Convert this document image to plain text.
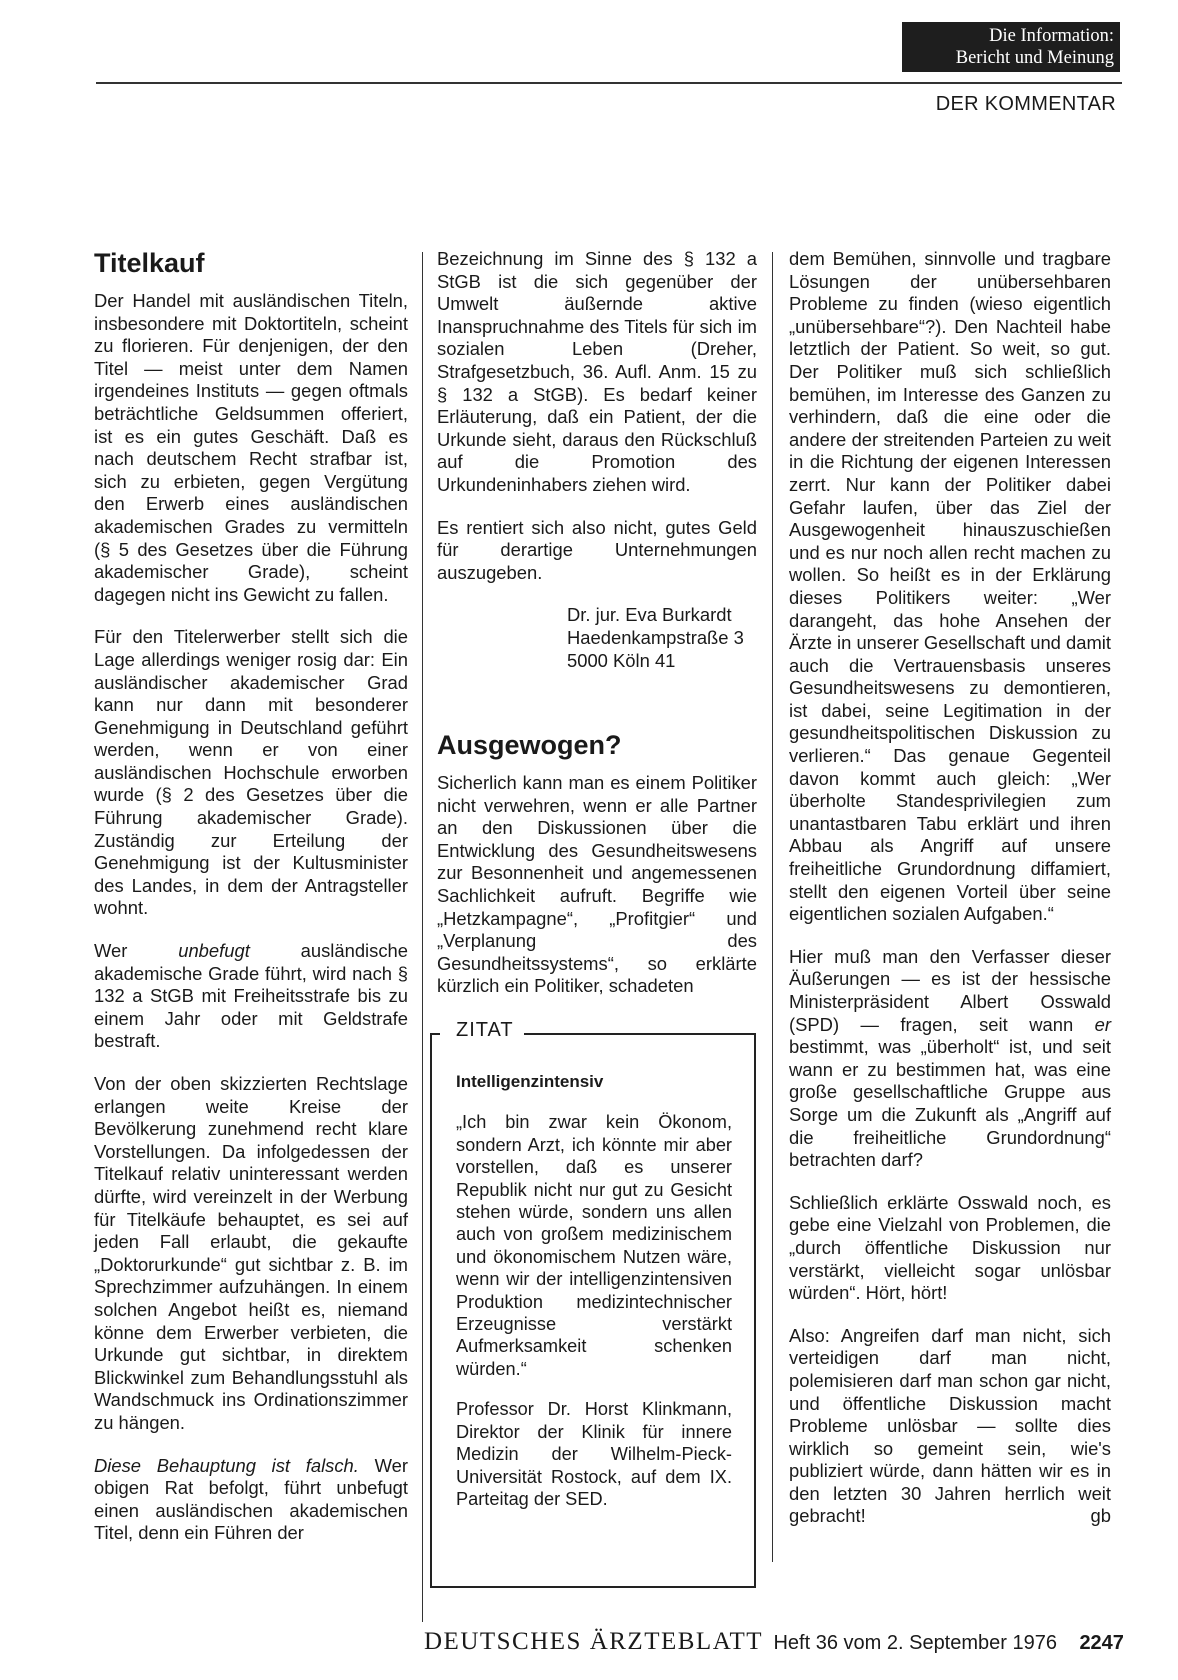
Die Information:
Bericht und Meinung
DER KOMMENTAR
Titelkauf

Der Handel mit ausländischen Titeln, insbesondere mit Doktortiteln, scheint zu florieren. Für denjenigen, der den Titel — meist unter dem Namen irgendeines Instituts — gegen oftmals beträchtliche Geldsummen offeriert, ist es ein gutes Geschäft. Daß es nach deutschem Recht strafbar ist, sich zu erbieten, gegen Vergütung den Erwerb eines ausländischen akademischen Grades zu vermitteln (§ 5 des Gesetzes über die Führung akademischer Grade), scheint dagegen nicht ins Gewicht zu fallen.

Für den Titelerwerber stellt sich die Lage allerdings weniger rosig dar: Ein ausländischer akademischer Grad kann nur dann mit besonderer Genehmigung in Deutschland geführt werden, wenn er von einer ausländischen Hochschule erworben wurde (§ 2 des Gesetzes über die Führung akademischer Grade). Zuständig zur Erteilung der Genehmigung ist der Kultusminister des Landes, in dem der Antragsteller wohnt.

Wer unbefugt ausländische akademische Grade führt, wird nach § 132 a StGB mit Freiheitsstrafe bis zu einem Jahr oder mit Geldstrafe bestraft.

Von der oben skizzierten Rechtslage erlangen weite Kreise der Bevölkerung zunehmend recht klare Vorstellungen. Da infolgedessen der Titelkauf relativ uninteressant werden dürfte, wird vereinzelt in der Werbung für Titelkäufe behauptet, es sei auf jeden Fall erlaubt, die gekaufte „Doktorurkunde“ gut sichtbar z. B. im Sprechzimmer aufzuhängen. In einem solchen Angebot heißt es, niemand könne dem Erwerber verbieten, die Urkunde gut sichtbar, in direktem Blickwinkel zum Behandlungsstuhl als Wandschmuck ins Ordinationszimmer zu hängen.

Diese Behauptung ist falsch. Wer obigen Rat befolgt, führt unbefugt einen ausländischen akademischen Titel, denn ein Führen der

Bezeichnung im Sinne des § 132 a StGB ist die sich gegenüber der Umwelt äußernde aktive Inanspruchnahme des Titels für sich im sozialen Leben (Dreher, Strafgesetzbuch, 36. Aufl. Anm. 15 zu § 132 a StGB). Es bedarf keiner Erläuterung, daß ein Patient, der die Urkunde sieht, daraus den Rückschluß auf die Promotion des Urkundeninhabers ziehen wird.

Es rentiert sich also nicht, gutes Geld für derartige Unternehmungen auszugeben.

Dr. jur. Eva Burkardt
Haedenkampstraße 3
5000 Köln 41
Ausgewogen?

Sicherlich kann man es einem Politiker nicht verwehren, wenn er alle Partner an den Diskussionen über die Entwicklung des Gesundheitswesens zur Besonnenheit und angemessenen Sachlichkeit aufruft. Begriffe wie „Hetzkampagne“, „Profitgier“ und „Verplanung des Gesundheitssystems“, so erklärte kürzlich ein Politiker, schadeten

ZITAT
Intelligenzintensiv

„Ich bin zwar kein Ökonom, sondern Arzt, ich könnte mir aber vorstellen, daß es unserer Republik nicht nur gut zu Gesicht stehen würde, sondern uns allen auch von großem medizinischem und ökonomischem Nutzen wäre, wenn wir der intelligenzintensiven Produktion medizintechnischer Erzeugnisse verstärkt Aufmerksamkeit schenken würden.“

Professor Dr. Horst Klinkmann, Direktor der Klinik für innere Medizin der Wilhelm-Pieck-Universität Rostock, auf dem IX. Parteitag der SED.

dem Bemühen, sinnvolle und tragbare Lösungen der unübersehbaren Probleme zu finden (wieso eigentlich „unübersehbare“?). Den Nachteil habe letztlich der Patient. So weit, so gut. Der Politiker muß sich schließlich bemühen, im Interesse des Ganzen zu verhindern, daß die eine oder die andere der streitenden Parteien zu weit in die Richtung der eigenen Interessen zerrt. Nur kann der Politiker dabei Gefahr laufen, über das Ziel der Ausgewogenheit hinauszuschießen und es nur noch allen recht machen zu wollen. So heißt es in der Erklärung dieses Politikers weiter: „Wer darangeht, das hohe Ansehen der Ärzte in unserer Gesellschaft und damit auch die Vertrauensbasis unseres Gesundheitswesens zu demontieren, ist dabei, seine Legitimation in der gesundheitspolitischen Diskussion zu verlieren.“ Das genaue Gegenteil davon kommt auch gleich: „Wer überholte Standesprivilegien zum unantastbaren Tabu erklärt und ihren Abbau als Angriff auf unsere freiheitliche Grundordnung diffamiert, stellt den eigenen Vorteil über seine eigentlichen sozialen Aufgaben.“

Hier muß man den Verfasser dieser Äußerungen — es ist der hessische Ministerpräsident Albert Osswald (SPD) — fragen, seit wann er bestimmt, was „überholt“ ist, und seit wann er zu bestimmen hat, was eine große gesellschaftliche Gruppe aus Sorge um die Zukunft als „Angriff auf die freiheitliche Grundordnung“ betrachten darf?

Schließlich erklärte Osswald noch, es gebe eine Vielzahl von Problemen, die „durch öffentliche Diskussion nur verstärkt, vielleicht sogar unlösbar würden“. Hört, hört!

Also: Angreifen darf man nicht, sich verteidigen darf man nicht, polemisieren darf man schon gar nicht, und öffentliche Diskussion macht Probleme unlösbar — sollte dies wirklich so gemeint sein, wie's publiziert würde, dann hätten wir es in den letzten 30 Jahren herrlich weit gebracht!	gb

DEUTSCHES ÄRZTEBLATT Heft 36 vom 2. September 1976 2247
